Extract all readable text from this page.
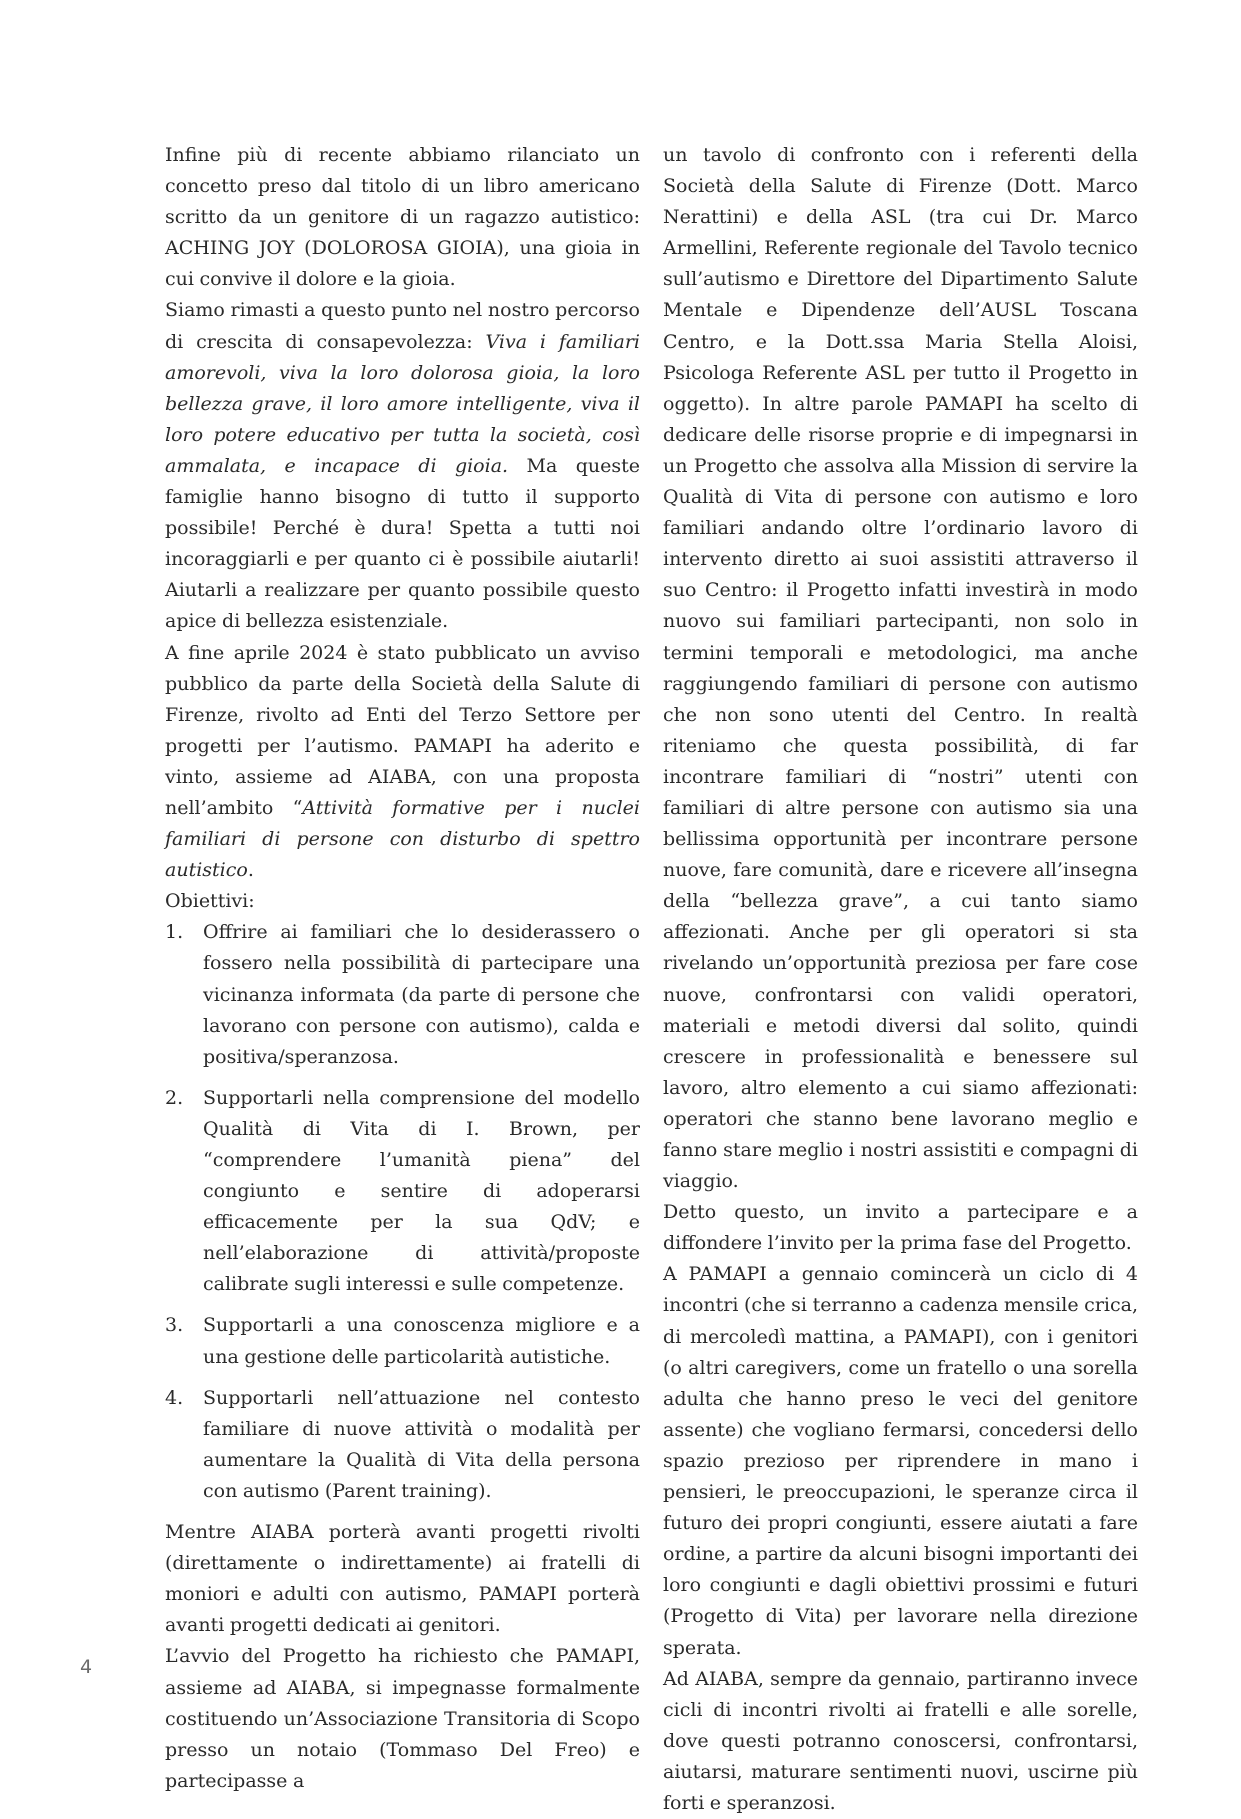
Infine più di recente abbiamo rilanciato un concetto preso dal titolo di un libro americano scritto da un genitore di un ragazzo autistico: ACHING JOY (DOLOROSA GIOIA), una gioia in cui convive il dolore e la gioia.

Siamo rimasti a questo punto nel nostro percorso di crescita di consapevolezza: Viva i familiari amorevoli, viva la loro dolorosa gioia, la loro bellezza grave, il loro amore intelligente, viva il loro potere educativo per tutta la società, così ammalata, e incapace di gioia. Ma queste famiglie hanno bisogno di tutto il supporto possibile! Perché è dura! Spetta a tutti noi incoraggiarli e per quanto ci è possibile aiutarli! Aiutarli a realizzare per quanto possibile questo apice di bellezza esistenziale.

A fine aprile 2024 è stato pubblicato un avviso pubblico da parte della Società della Salute di Firenze, rivolto ad Enti del Terzo Settore per progetti per l’autismo. PAMAPI ha aderito e vinto, assieme ad AIABA, con una proposta nell’ambito “Attività formative per i nuclei familiari di persone con disturbo di spettro autistico.

Obiettivi:

1. Offrire ai familiari che lo desiderassero o fossero nella possibilità di partecipare una vicinanza informata (da parte di persone che lavorano con persone con autismo), calda e positiva/speranzosa.
2. Supportarli nella comprensione del modello Qualità di Vita di I. Brown, per “comprendere l’umanità piena” del congiunto e sentire di adoperarsi efficacemente per la sua QdV; e nell’elaborazione di attività/proposte calibrate sugli interessi e sulle competenze.
3. Supportarli a una conoscenza migliore e a una gestione delle particolarità autistiche.
4. Supportarli nell’attuazione nel contesto familiare di nuove attività o modalità per aumentare la Qualità di Vita della persona con autismo (Parent training).

Mentre AIABA porterà avanti progetti rivolti (direttamente o indirettamente) ai fratelli di moniori e adulti con autismo, PAMAPI porterà avanti progetti dedicati ai genitori.

L’avvio del Progetto ha richiesto che PAMAPI, assieme ad AIABA, si impegnasse formalmente costituendo un’Associazione Transitoria di Scopo presso un notaio (Tommaso Del Freo) e partecipasse a

un tavolo di confronto con i referenti della Società della Salute di Firenze (Dott. Marco Nerattini) e della ASL (tra cui Dr. Marco Armellini, Referente regionale del Tavolo tecnico sull’autismo e Direttore del Dipartimento Salute Mentale e Dipendenze dell’AUSL Toscana Centro, e la Dott.ssa Maria Stella Aloisi, Psicologa Referente ASL per tutto il Progetto in oggetto). In altre parole PAMAPI ha scelto di dedicare delle risorse proprie e di impegnarsi in un Progetto che assolva alla Mission di servire la Qualità di Vita di persone con autismo e loro familiari andando oltre l’ordinario lavoro di intervento diretto ai suoi assistiti attraverso il suo Centro: il Progetto infatti investirà in modo nuovo sui familiari partecipanti, non solo in termini temporali e metodologici, ma anche raggiungendo familiari di persone con autismo che non sono utenti del Centro. In realtà riteniamo che questa possibilità, di far incontrare familiari di “nostri” utenti con familiari di altre persone con autismo sia una bellissima opportunità per incontrare persone nuove, fare comunità, dare e ricevere all’insegna della “bellezza grave”, a cui tanto siamo affezionati. Anche per gli operatori si sta rivelando un’opportunità preziosa per fare cose nuove, confrontarsi con validi operatori, materiali e metodi diversi dal solito, quindi crescere in professionalità e benessere sul lavoro, altro elemento a cui siamo affezionati: operatori che stanno bene lavorano meglio e fanno stare meglio i nostri assistiti e compagni di viaggio.

Detto questo, un invito a partecipare e a diffondere l’invito per la prima fase del Progetto.

A PAMAPI a gennaio comincerà un ciclo di 4 incontri (che si terranno a cadenza mensile crica, di mercoledì mattina, a PAMAPI), con i genitori (o altri caregivers, come un fratello o una sorella adulta che hanno preso le veci del genitore assente) che vogliano fermarsi, concedersi dello spazio prezioso per riprendere in mano i pensieri, le preoccupazioni, le speranze circa il futuro dei propri congiunti, essere aiutati a fare ordine, a partire da alcuni bisogni importanti dei loro congiunti e dagli obiettivi prossimi e futuri (Progetto di Vita) per lavorare nella direzione sperata.

Ad AIABA, sempre da gennaio, partiranno invece cicli di incontri rivolti ai fratelli e alle sorelle, dove questi potranno conoscersi, confrontarsi, aiutarsi, maturare sentimenti nuovi, uscirne più forti e speranzosi.

4
